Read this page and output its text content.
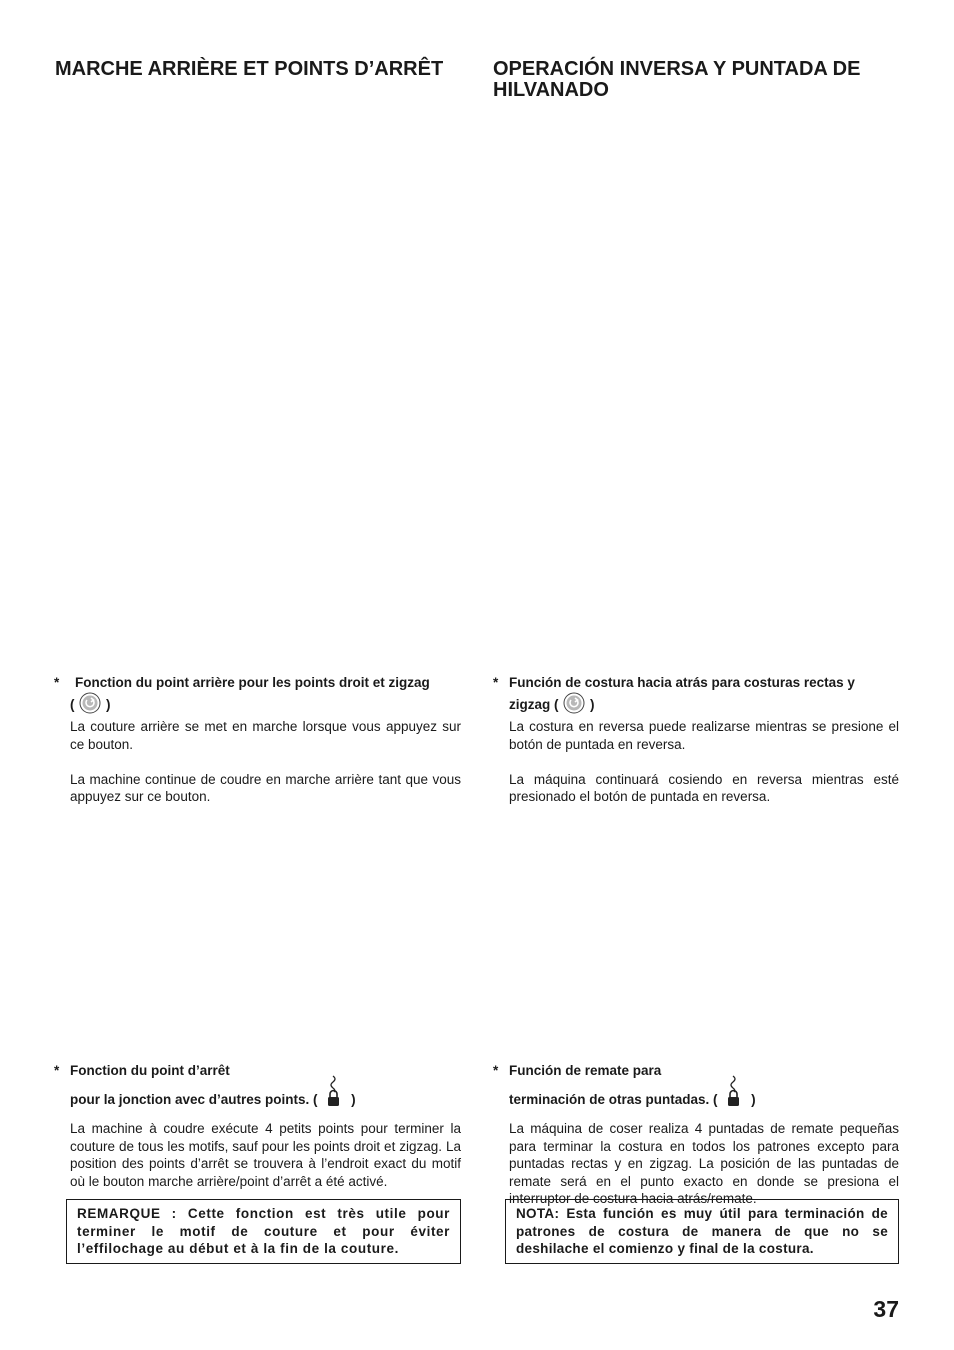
MARCHE ARRIÈRE ET POINTS D’ARRÊT	OPERACIÓN INVERSA Y PUNTADA DE HILVANADO
*	Fonction du point arrière pour les points droit et zigzag
( )

La couture arrière se met en marche lorsque vous appuyez sur ce bouton.

La machine continue de coudre en marche arrière tant que vous appuyez sur ce bouton.

* Función de costura hacia atrás para costuras rectas y
zigzag ( )

La costura en reversa puede realizarse mientras se presione el botón de puntada en reversa.

La máquina continuará cosiendo en reversa mientras esté presionado el botón de puntada en reversa.

* Fonction du point d’arrêt
pour la jonction avec d’autres points. ( )

La machine à coudre exécute 4 petits points pour terminer la couture de tous les motifs, sauf pour les points droit et zigzag. La position des points d’arrêt se trouvera à l’endroit exact du motif où le bouton marche arrière/point d’arrêt a été activé.

* Función de remate para
terminación de otras puntadas. ( )

La máquina de coser realiza 4 puntadas de remate pequeñas para terminar la costura en todos los patrones excepto para puntadas rectas y en zigzag. La posición de las puntadas de remate será en el punto exacto en donde se presiona el interruptor de costura hacia atrás/remate.

REMARQUE : Cette fonction est très utile pour terminer le motif de couture et pour éviter l’effilochage au début et à la fin de la couture.
NOTA: Esta función es muy útil para terminación de patrones de costura de manera de que no se deshilache el comienzo y final de la costura.
37
